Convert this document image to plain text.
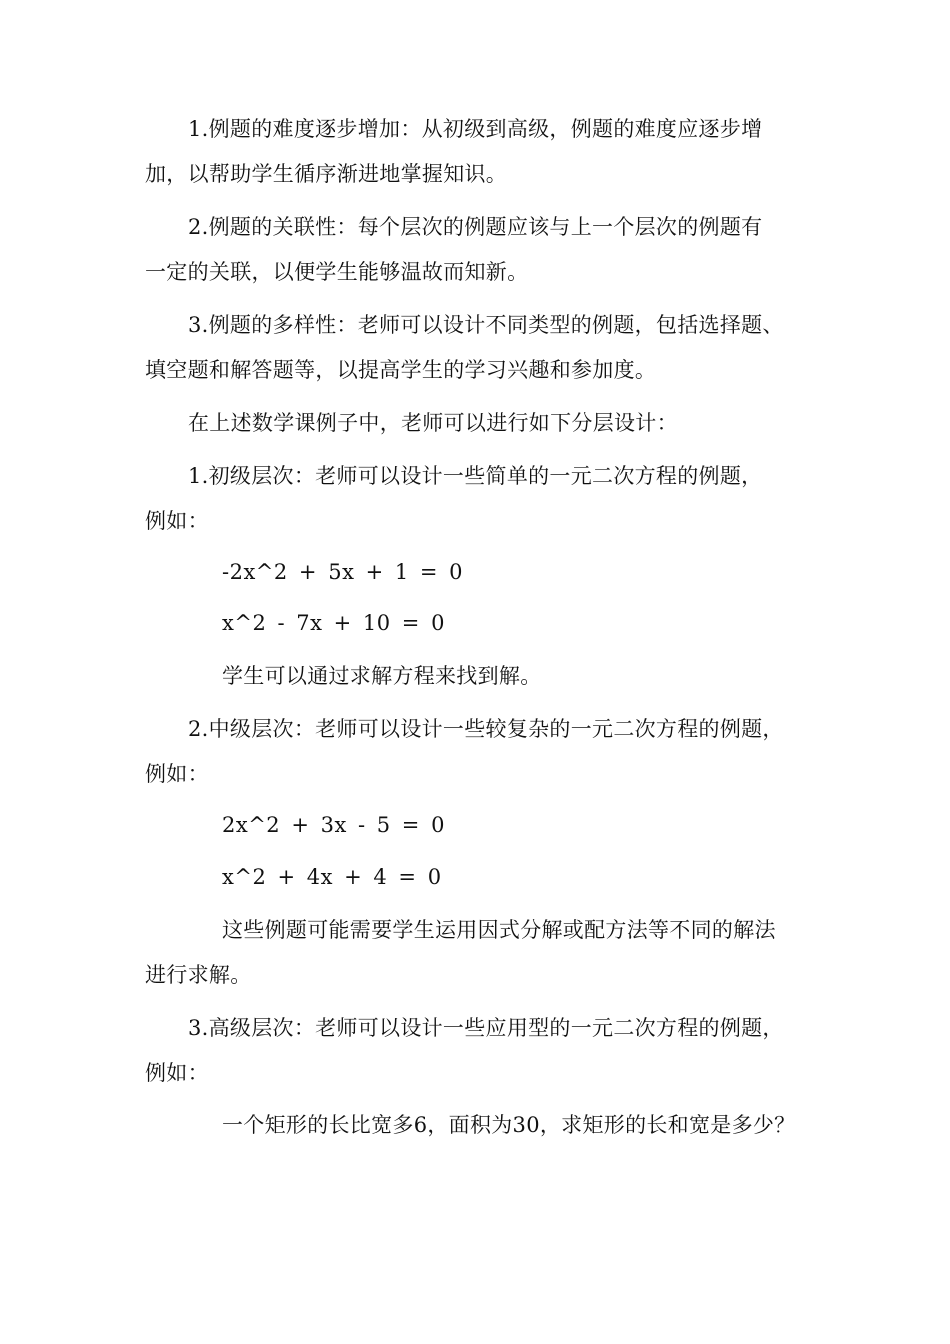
1.例题的难度逐步增加：从初级到高级，例题的难度应逐步增
加，以帮助学生循序渐进地掌握知识。
2.例题的关联性：每个层次的例题应该与上一个层次的例题有
一定的关联，以便学生能够温故而知新。
3.例题的多样性：老师可以设计不同类型的例题，包括选择题、
填空题和解答题等，以提高学生的学习兴趣和参加度。
在上述数学课例子中，老师可以进行如下分层设计：
1.初级层次：老师可以设计一些简单的一元二次方程的例题，
例如：
-2x^2 + 5x + 1 = 0
x^2 - 7x + 10 = 0
学生可以通过求解方程来找到解。
2.中级层次：老师可以设计一些较复杂的一元二次方程的例题，
例如：
2x^2 + 3x - 5 = 0
x^2 + 4x + 4 = 0
这些例题可能需要学生运用因式分解或配方法等不同的解法
进行求解。
3.高级层次：老师可以设计一些应用型的一元二次方程的例题，
例如：
一个矩形的长比宽多6，面积为30，求矩形的长和宽是多少？
